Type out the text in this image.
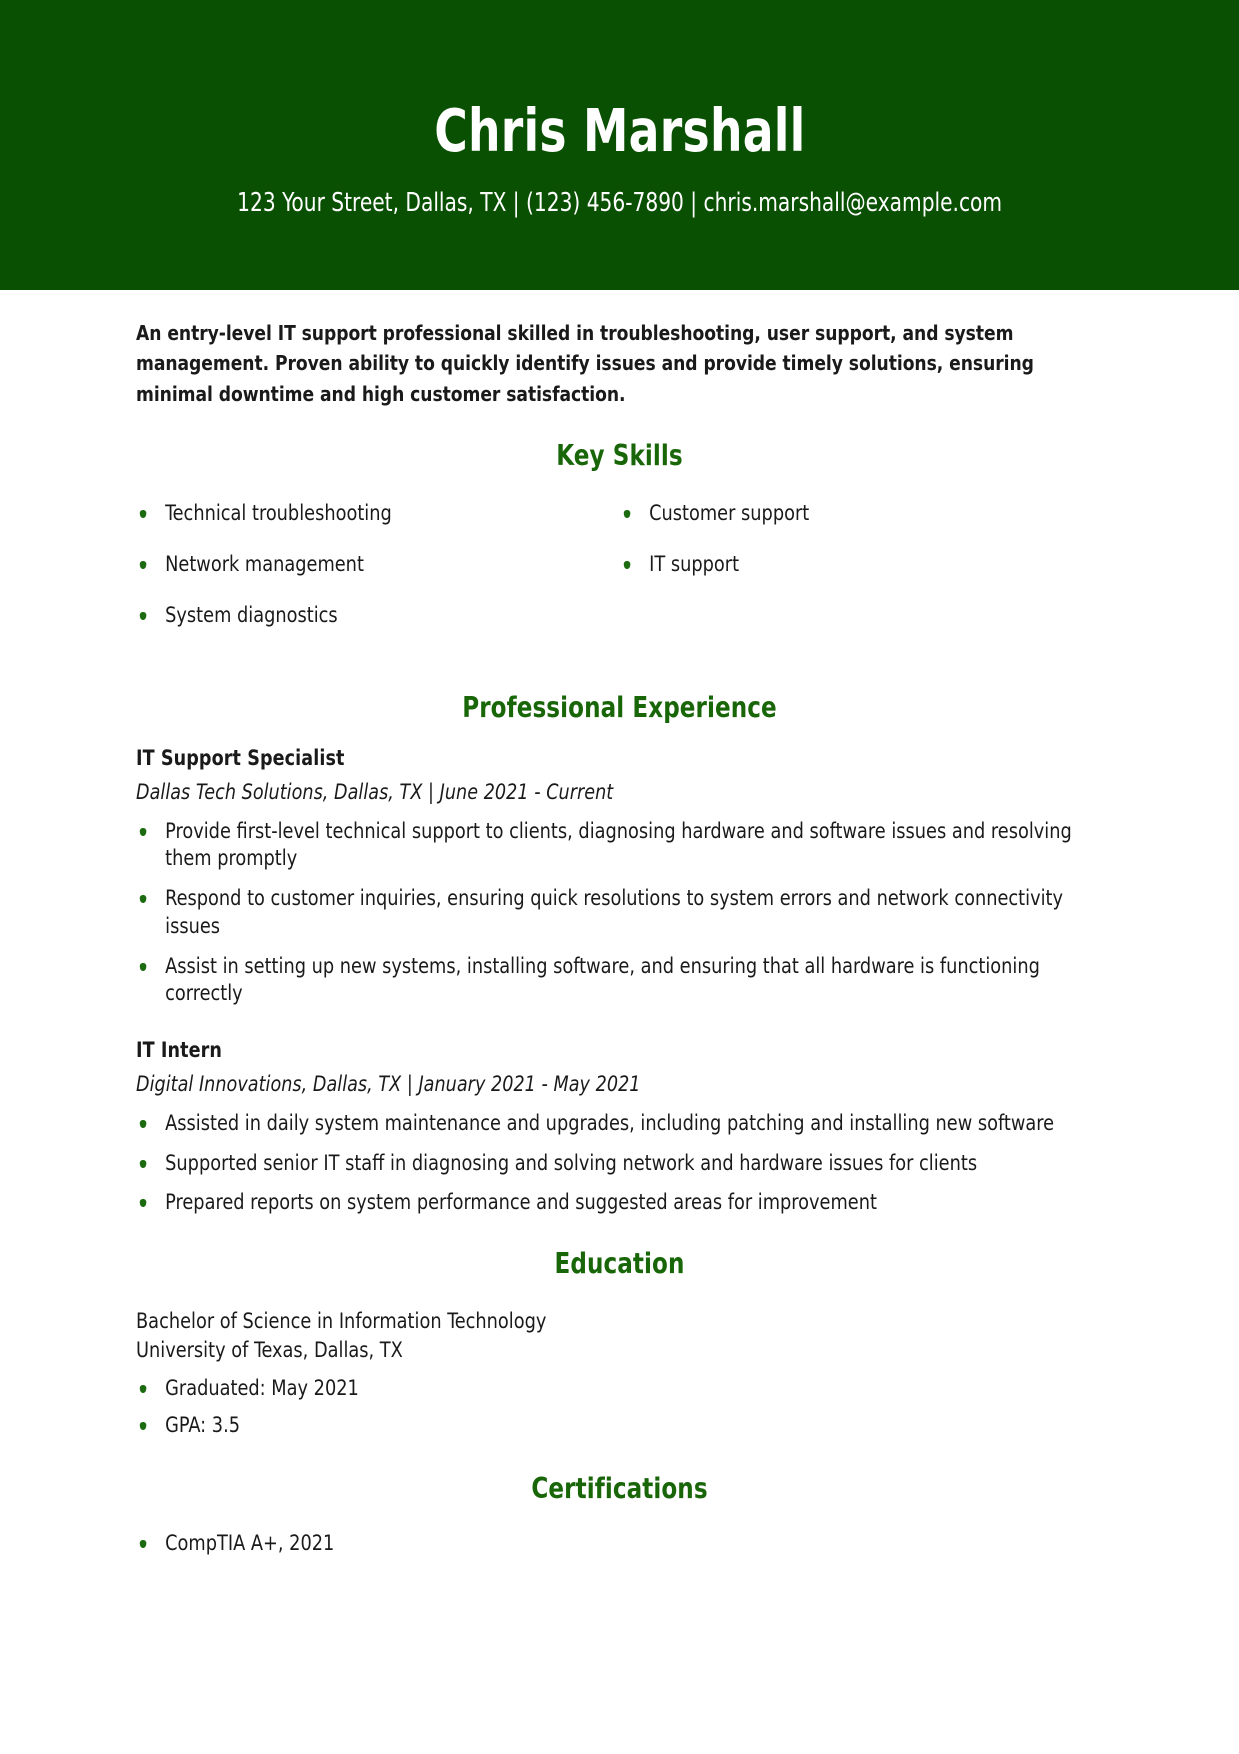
Chris Marshall
123 Your Street, Dallas, TX | (123) 456-7890 | chris.marshall@example.com
An entry-level IT support professional skilled in troubleshooting, user support, and system management. Proven ability to quickly identify issues and provide timely solutions, ensuring minimal downtime and high customer satisfaction.
Key Skills
Technical troubleshooting
Network management
System diagnostics
Customer support
IT support
Professional Experience
IT Support Specialist
Dallas Tech Solutions, Dallas, TX | June 2021 - Current
Provide first-level technical support to clients, diagnosing hardware and software issues and resolving them promptly
Respond to customer inquiries, ensuring quick resolutions to system errors and network connectivity issues
Assist in setting up new systems, installing software, and ensuring that all hardware is functioning correctly
IT Intern
Digital Innovations, Dallas, TX | January 2021 - May 2021
Assisted in daily system maintenance and upgrades, including patching and installing new software
Supported senior IT staff in diagnosing and solving network and hardware issues for clients
Prepared reports on system performance and suggested areas for improvement
Education
Bachelor of Science in Information Technology
University of Texas, Dallas, TX
Graduated: May 2021
GPA: 3.5
Certifications
CompTIA A+, 2021
